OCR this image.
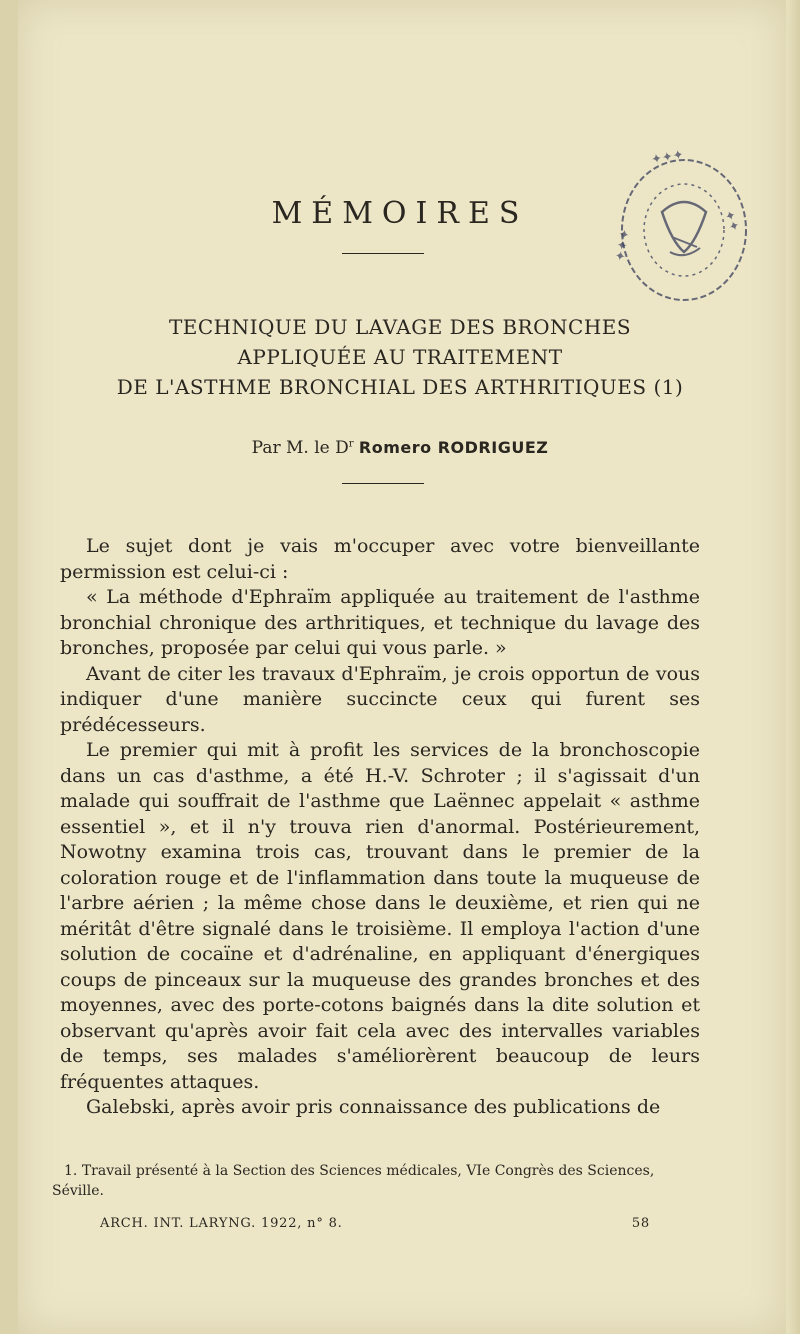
✦✦✦
✦✦
✦✦✦
MÉMOIRES
TECHNIQUE DU LAVAGE DES BRONCHES
APPLIQUÉE AU TRAITEMENT
DE L'ASTHME BRONCHIAL DES ARTHRITIQUES (1)
Par M. le $D^r$ Romero RODRIGUEZ

Le sujet dont je vais m'occuper avec votre bienveillante permission est celui-ci :

« La méthode d'Ephraïm appliquée au traitement de l'asthme bronchial chronique des arthritiques, et technique du lavage des bronches, proposée par celui qui vous parle. »

Avant de citer les travaux d'Ephraïm, je crois opportun de vous indiquer d'une manière succincte ceux qui furent ses prédécesseurs.

Le premier qui mit à profit les services de la bronchoscopie dans un cas d'asthme, a été H.-V. Schroter ; il s'agissait d'un malade qui souffrait de l'asthme que Laënnec appelait « asthme essentiel », et il n'y trouva rien d'anormal. Postérieurement, Nowotny examina trois cas, trouvant dans le premier de la coloration rouge et de l'inflammation dans toute la muqueuse de l'arbre aérien ; la même chose dans le deuxième, et rien qui ne méritât d'être signalé dans le troisième. Il employa l'action d'une solution de cocaïne et d'adrénaline, en appliquant d'énergiques coups de pinceaux sur la muqueuse des grandes bronches et des moyennes, avec des porte-cotons baignés dans la dite solution et observant qu'après avoir fait cela avec des intervalles variables de temps, ses malades s'améliorèrent beaucoup de leurs fréquentes attaques.

Galebski, après avoir pris connaissance des publications de

1. Travail présenté à la Section des Sciences médicales, VIe Congrès des Sciences, Séville.
ARCH. INT. LARYNG. 1922, n° 8.	58
